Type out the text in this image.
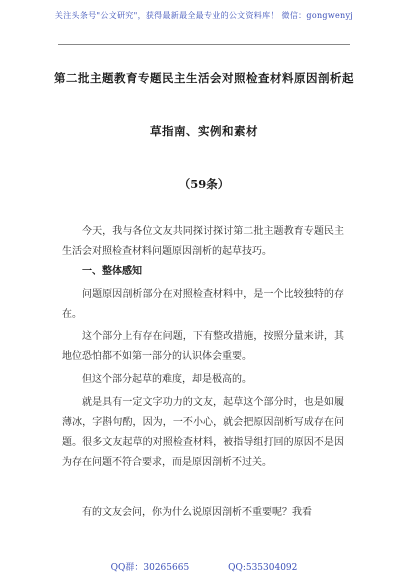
关注头条号"公文研究"，获得最新最全最专业的公文资料库！ 微信：gongwenyj
第二批主题教育专题民主生活会对照检查材料原因剖析起
草指南、实例和素材
（59条）

今天，我与各位文友共同探讨探讨第二批主题教育专题民主生活会对照检查材料问题原因剖析的起草技巧。

一、整体感知

问题原因剖析部分在对照检查材料中，是一个比较独特的存在。

这个部分上有存在问题，下有整改措施，按照分量来讲，其地位恐怕都不如第一部分的认识体会重要。

但这个部分起草的难度，却是极高的。

就是具有一定文字功力的文友，起草这个部分时，也是如履薄冰，字斟句酌，因为，一不小心，就会把原因剖析写成存在问题。很多文友起草的对照检查材料，被指导组打回的原因不是因为存在问题不符合要求，而是原因剖析不过关。

有的文友会问，你为什么说原因剖析不重要呢？我看

QQ群：30265665	QQ:535304092
